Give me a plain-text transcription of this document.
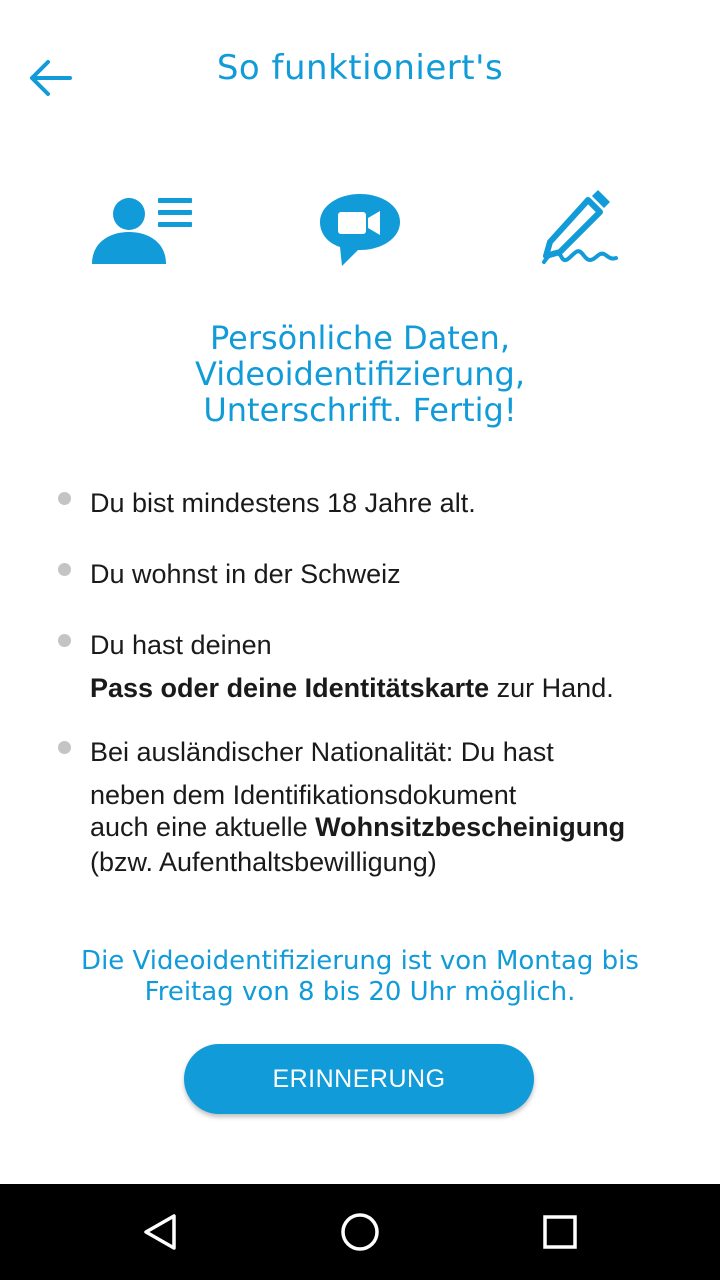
So funktioniert's
Persönliche Daten,
Videoidentifizierung,
Unterschrift. Fertig!

Du bist mindestens 18 Jahre alt.

Du wohnst in der Schweiz

Du hast deinen

Pass oder deine Identitätskarte zur Hand.

Bei ausländischer Nationalität: Du hast

neben dem Identifikationsdokument

auch eine aktuelle Wohnsitzbescheinigung

(bzw. Aufenthaltsbewilligung)

Die Videoidentifizierung ist von Montag bis
Freitag von 8 bis 20 Uhr möglich.
ERINNERUNG
